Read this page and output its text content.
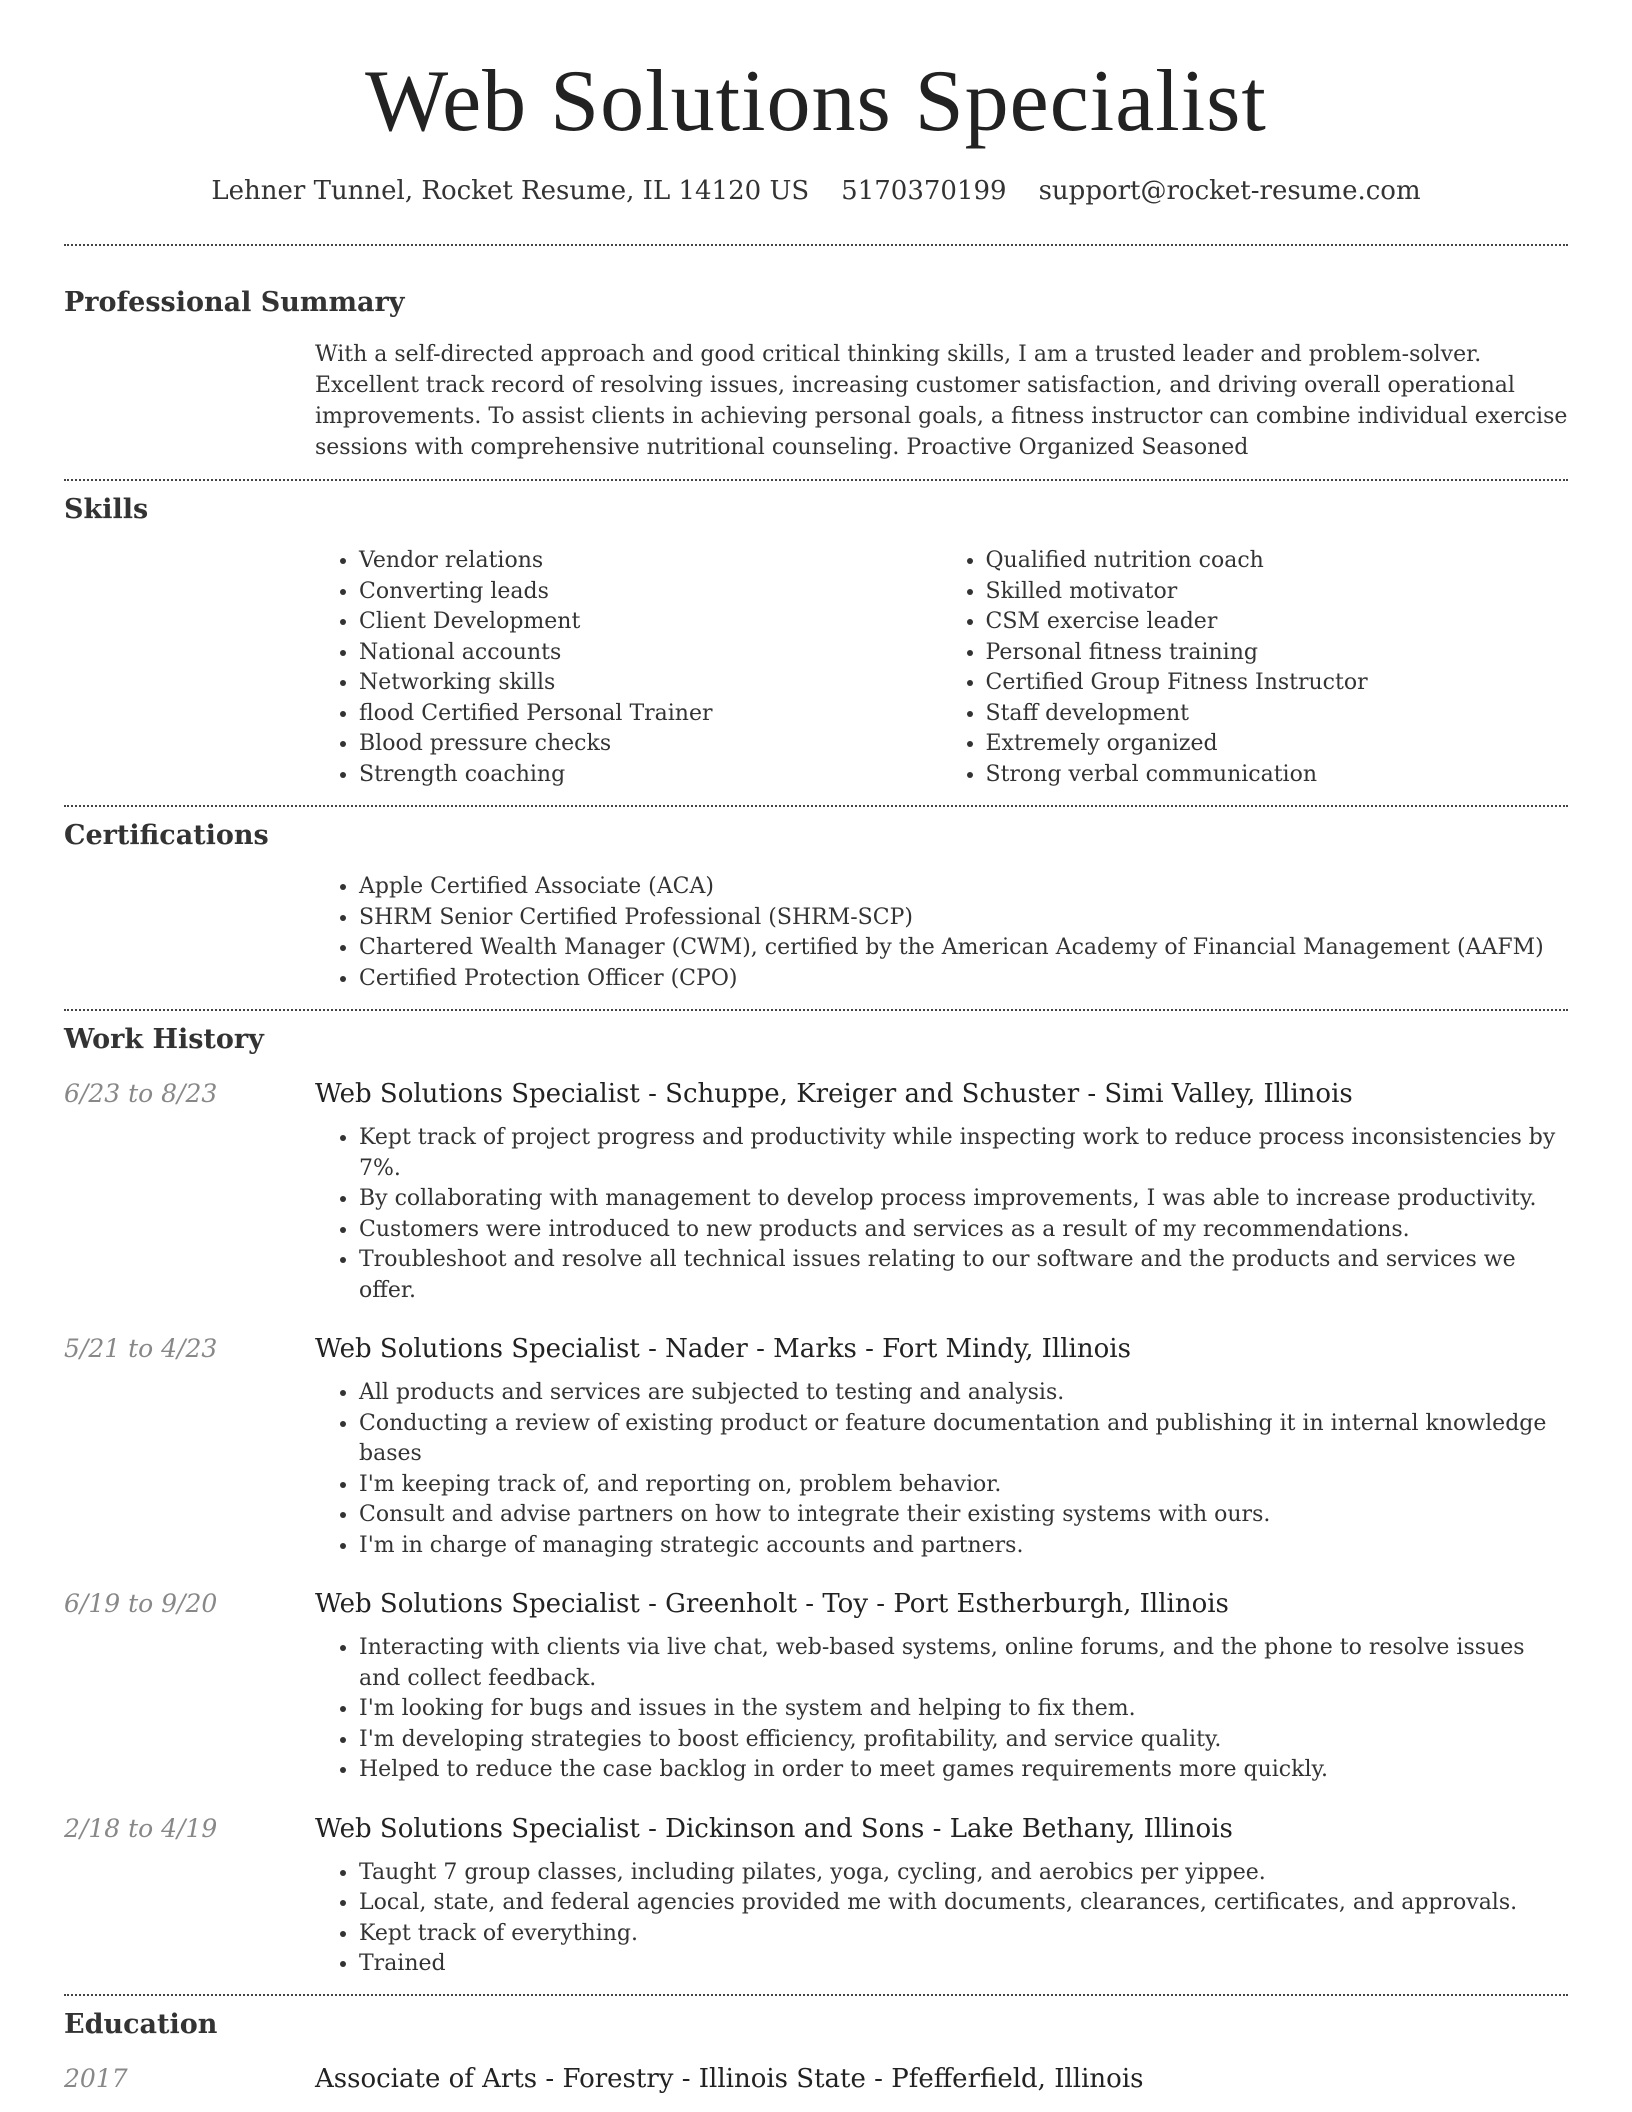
Web Solutions Specialist
Lehner Tunnel, Rocket Resume, IL 14120 US 5170370199 support@rocket-resume.com
Professional Summary
With a self-directed approach and good critical thinking skills, I am a trusted leader and problem-solver. Excellent track record of resolving issues, increasing customer satisfaction, and driving overall operational improvements. To assist clients in achieving personal goals, a fitness instructor can combine individual exercise sessions with comprehensive nutritional counseling. Proactive Organized Seasoned
Skills
• Vendor relations
• Converting leads
• Client Development
• National accounts
• Networking skills
• flood Certified Personal Trainer
• Blood pressure checks
• Strength coaching
• Qualified nutrition coach
• Skilled motivator
• CSM exercise leader
• Personal fitness training
• Certified Group Fitness Instructor
• Staff development
• Extremely organized
• Strong verbal communication
Certifications
• Apple Certified Associate (ACA)
• SHRM Senior Certified Professional (SHRM-SCP)
• Chartered Wealth Manager (CWM), certified by the American Academy of Financial Management (AAFM)
• Certified Protection Officer (CPO)
Work History
6/23 to 8/23	Web Solutions Specialist - Schuppe, Kreiger and Schuster - Simi Valley, Illinois
• Kept track of project progress and productivity while inspecting work to reduce process inconsistencies by 7%.
• By collaborating with management to develop process improvements, I was able to increase productivity.
• Customers were introduced to new products and services as a result of my recommendations.
• Troubleshoot and resolve all technical issues relating to our software and the products and services we offer.
5/21 to 4/23	Web Solutions Specialist - Nader - Marks - Fort Mindy, Illinois
• All products and services are subjected to testing and analysis.
• Conducting a review of existing product or feature documentation and publishing it in internal knowledge bases
• I'm keeping track of, and reporting on, problem behavior.
• Consult and advise partners on how to integrate their existing systems with ours.
• I'm in charge of managing strategic accounts and partners.
6/19 to 9/20	Web Solutions Specialist - Greenholt - Toy - Port Estherburgh, Illinois
• Interacting with clients via live chat, web-based systems, online forums, and the phone to resolve issues and collect feedback.
• I'm looking for bugs and issues in the system and helping to fix them.
• I'm developing strategies to boost efficiency, profitability, and service quality.
• Helped to reduce the case backlog in order to meet games requirements more quickly.
2/18 to 4/19	Web Solutions Specialist - Dickinson and Sons - Lake Bethany, Illinois
• Taught 7 group classes, including pilates, yoga, cycling, and aerobics per yippee.
• Local, state, and federal agencies provided me with documents, clearances, certificates, and approvals.
• Kept track of everything.
• Trained
Education
2017	Associate of Arts - Forestry - Illinois State - Pfefferfield, Illinois
